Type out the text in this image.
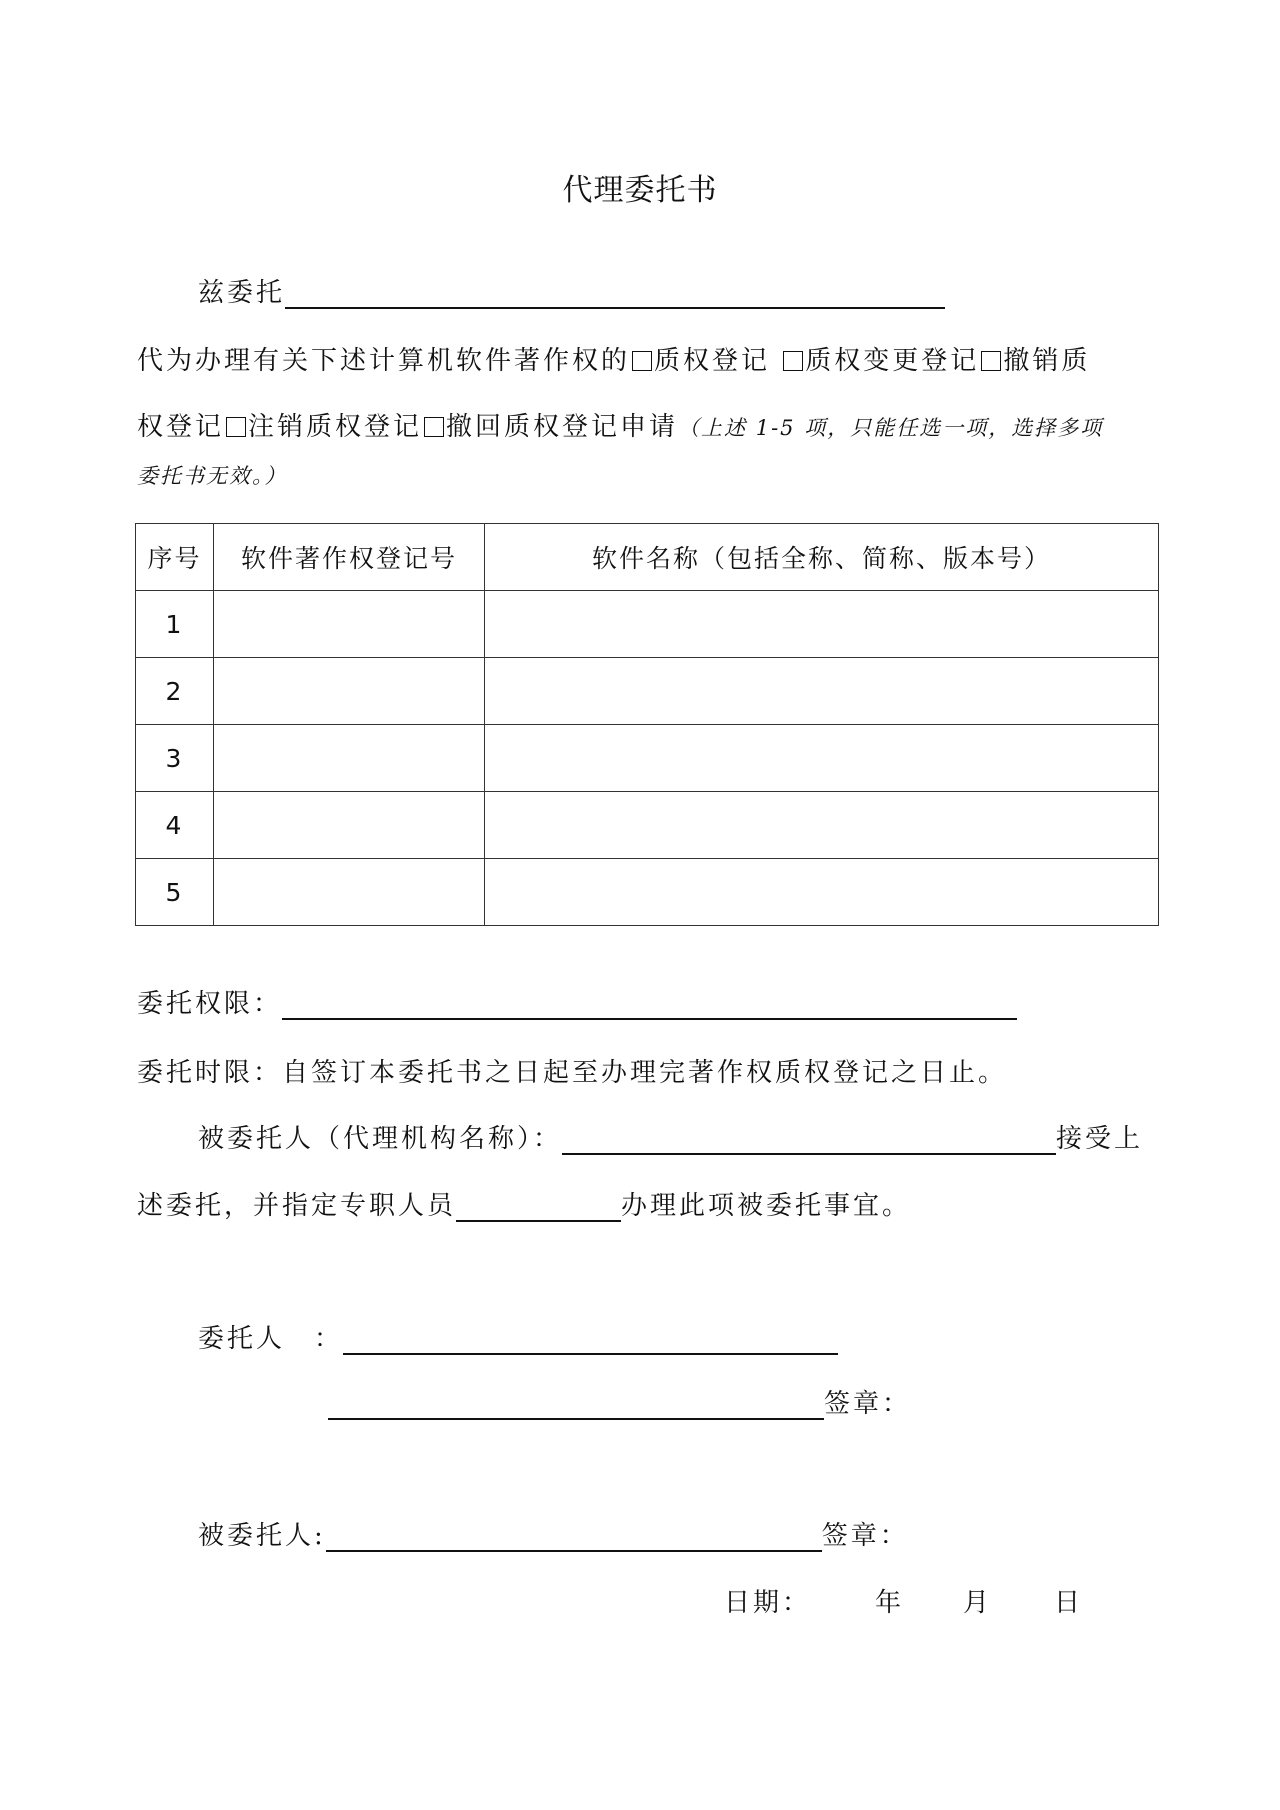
代理委托书
兹委托
代为办理有关下述计算机软件著作权的 质权登记 质权变更登记 撤销质
权登记 注销质权登记 撤回质权登记申请（上述 1-5 项，只能任选一项，选择多项
委托书无效。）
序号	软件著作权登记号	软件名称（包括全称、简称、版本号）
1		
2		
3		
4		
5		
委托权限：
委托时限：自签订本委托书之日起至办理完著作权质权登记之日止。
被委托人（代理机构名称）：	接受上
述委托，并指定专职人员	办理此项被委托事宜。
委托人　：
签章：
被委托人:	签章：
日期： 年 月 日
